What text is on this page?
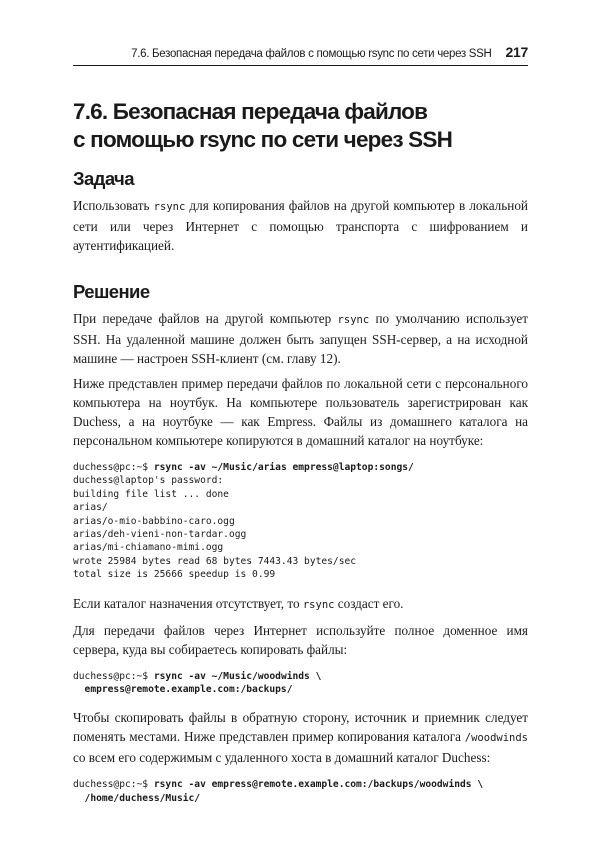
7.6. Безопасная передача файлов с помощью rsync по сети через SSH 217
7.6. Безопасная передача файлов
с помощью rsync по сети через SSH
Задача

Использовать rsync для копирования файлов на другой компьютер в локальной сети или через Интернет с помощью транспорта с шифрованием и аутентификацией.

Решение

При передаче файлов на другой компьютер rsync по умолчанию использует SSH. На удаленной машине должен быть запущен SSH-сервер, а на исходной машине — настроен SSH-клиент (см. главу 12).

Ниже представлен пример передачи файлов по локальной сети с персонального компьютера на ноутбук. На компьютере пользователь зарегистрирован как Duchess, а на ноутбуке — как Empress. Файлы из домашнего каталога на персональном компьютере копируются в домашний каталог на ноутбуке:

duchess@pc:~$ rsync -av ~/Music/arias empress@laptop:songs/
duchess@laptop's password:
building file list ... done
arias/
arias/o-mio-babbino-caro.ogg
arias/deh-vieni-non-tardar.ogg
arias/mi-chiamano-mimi.ogg
wrote 25984 bytes read 68 bytes 7443.43 bytes/sec
total size is 25666 speedup is 0.99

Если каталог назначения отсутствует, то rsync создаст его.

Для передачи файлов через Интернет используйте полное доменное имя сервера, куда вы собираетесь копировать файлы:

duchess@pc:~$ rsync -av ~/Music/woodwinds \
empress@remote.example.com:/backups/

Чтобы скопировать файлы в обратную сторону, источник и приемник следует поменять местами. Ниже представлен пример копирования каталога /woodwinds со всем его содержимым с удаленного хоста в домашний каталог Duchess:

duchess@pc:~$ rsync -av empress@remote.example.com:/backups/woodwinds \
/home/duchess/Music/
